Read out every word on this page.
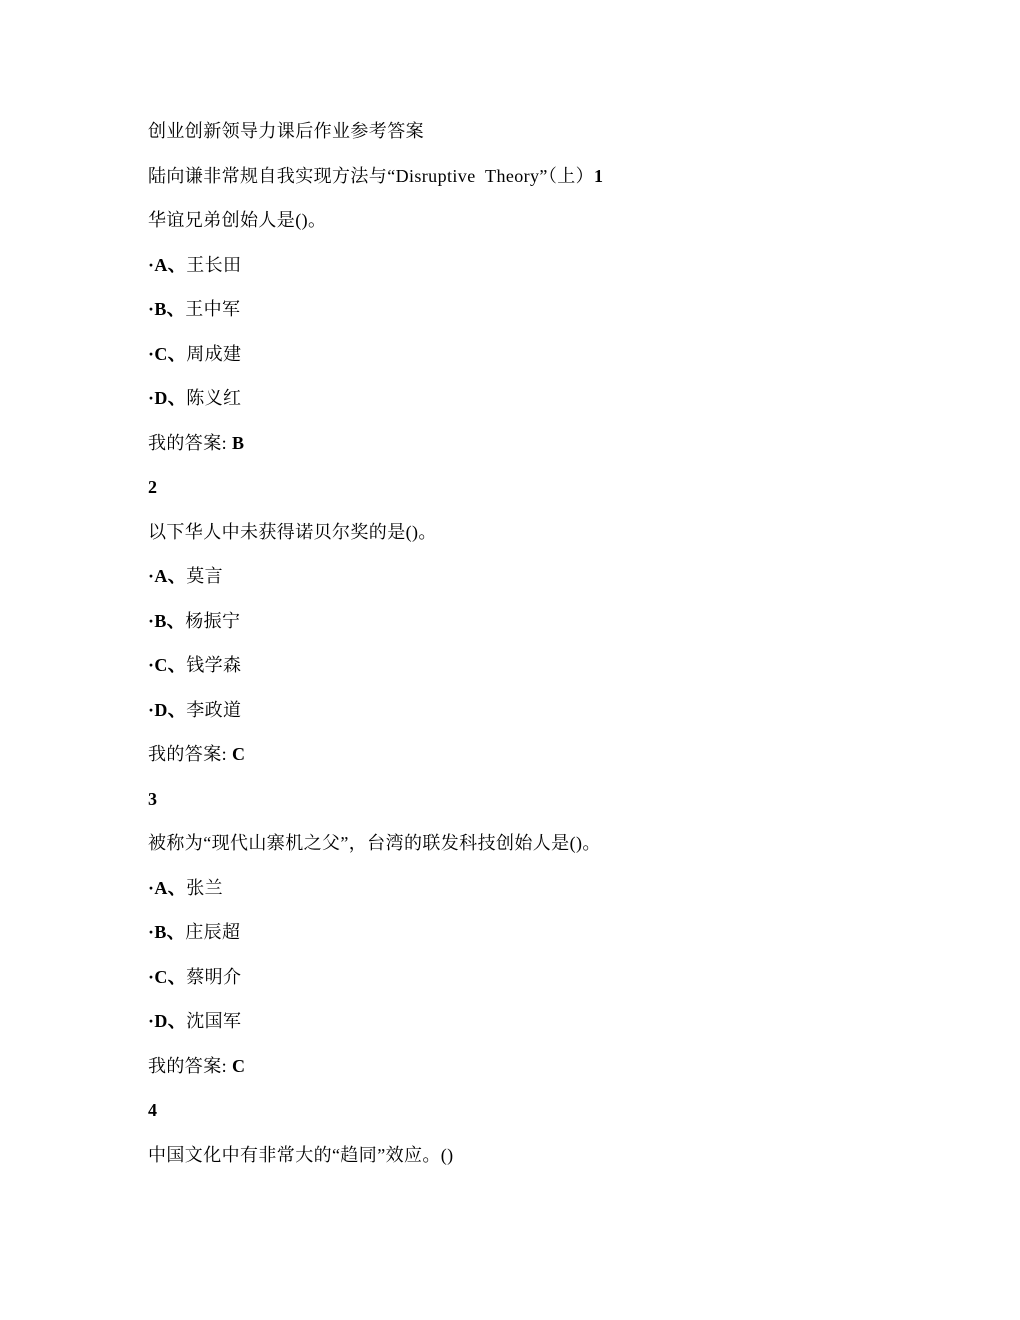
创业创新领导力课后作业参考答案

陆向谦非常规自我实现方法与“Disruptive  Theory”（上）1

华谊兄弟创始人是()。

·A、王长田

·B、王中军

·C、周成建

·D、陈义红

我的答案: B

2

以下华人中未获得诺贝尔奖的是()。

·A、莫言

·B、杨振宁

·C、钱学森

·D、李政道

我的答案: C

3

被称为“现代山寨机之父”，台湾的联发科技创始人是()。

·A、张兰

·B、庄辰超

·C、蔡明介

·D、沈国军

我的答案: C

4

中国文化中有非常大的“趋同”效应。()
